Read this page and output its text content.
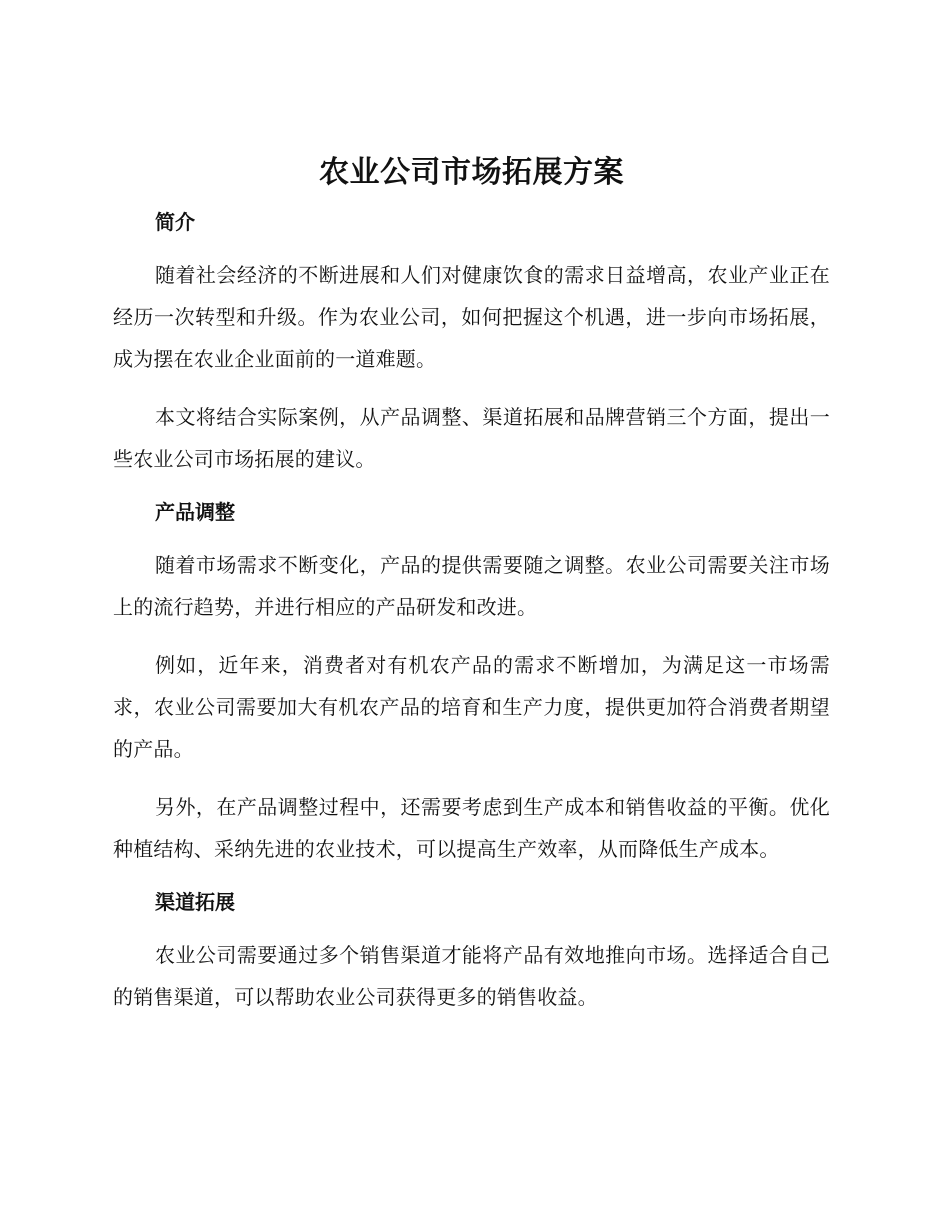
农业公司市场拓展方案
简介

随着社会经济的不断进展和人们对健康饮食的需求日益增高，农业产业正在经历一次转型和升级。作为农业公司，如何把握这个机遇，进一步向市场拓展，成为摆在农业企业面前的一道难题。

本文将结合实际案例，从产品调整、渠道拓展和品牌营销三个方面，提出一些农业公司市场拓展的建议。

产品调整

随着市场需求不断变化，产品的提供需要随之调整。农业公司需要关注市场上的流行趋势，并进行相应的产品研发和改进。

例如，近年来，消费者对有机农产品的需求不断增加，为满足这一市场需求，农业公司需要加大有机农产品的培育和生产力度，提供更加符合消费者期望的产品。

另外，在产品调整过程中，还需要考虑到生产成本和销售收益的平衡。优化种植结构、采纳先进的农业技术，可以提高生产效率，从而降低生产成本。

渠道拓展

农业公司需要通过多个销售渠道才能将产品有效地推向市场。选择适合自己的销售渠道，可以帮助农业公司获得更多的销售收益。
